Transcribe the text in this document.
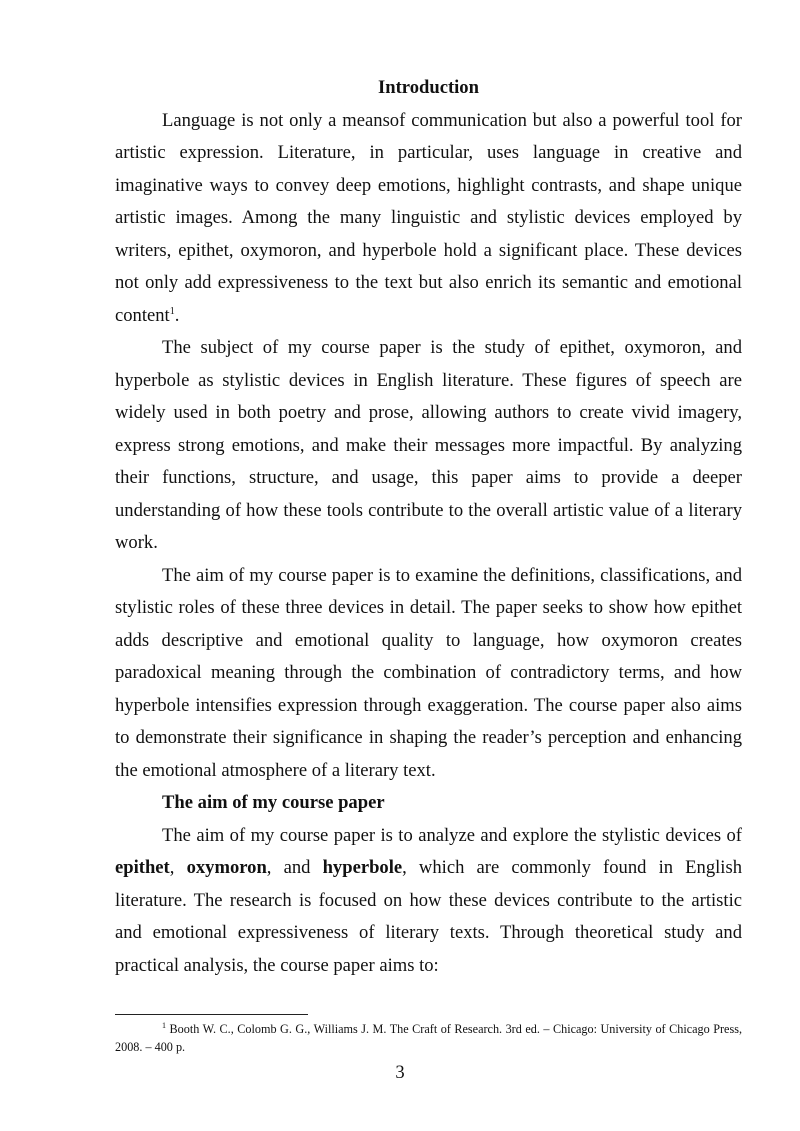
Introduction

Language is not only a meansof communication but also a powerful tool for artistic expression. Literature, in particular, uses language in creative and imaginative ways to convey deep emotions, highlight contrasts, and shape unique artistic images. Among the many linguistic and stylistic devices employed by writers, epithet, oxymoron, and hyperbole hold a significant place. These devices not only add expressiveness to the text but also enrich its semantic and emotional content$^1$.

The subject of my course paper is the study of epithet, oxymoron, and hyperbole as stylistic devices in English literature. These figures of speech are widely used in both poetry and prose, allowing authors to create vivid imagery, express strong emotions, and make their messages more impactful. By analyzing their functions, structure, and usage, this paper aims to provide a deeper understanding of how these tools contribute to the overall artistic value of a literary work.

The aim of my course paper is to examine the definitions, classifications, and stylistic roles of these three devices in detail. The paper seeks to show how epithet adds descriptive and emotional quality to language, how oxymoron creates paradoxical meaning through the combination of contradictory terms, and how hyperbole intensifies expression through exaggeration. The course paper also aims to demonstrate their significance in shaping the reader’s perception and enhancing the emotional atmosphere of a literary text.

The aim of my course paper

The aim of my course paper is to analyze and explore the stylistic devices of epithet, oxymoron, and hyperbole, which are commonly found in English literature. The research is focused on how these devices contribute to the artistic and emotional expressiveness of literary texts. Through theoretical study and practical analysis, the course paper aims to:

$^1$ Booth W. C., Colomb G. G., Williams J. M. The Craft of Research. 3rd ed. – Chicago: University of Chicago Press, 2008. – 400 p.

3
